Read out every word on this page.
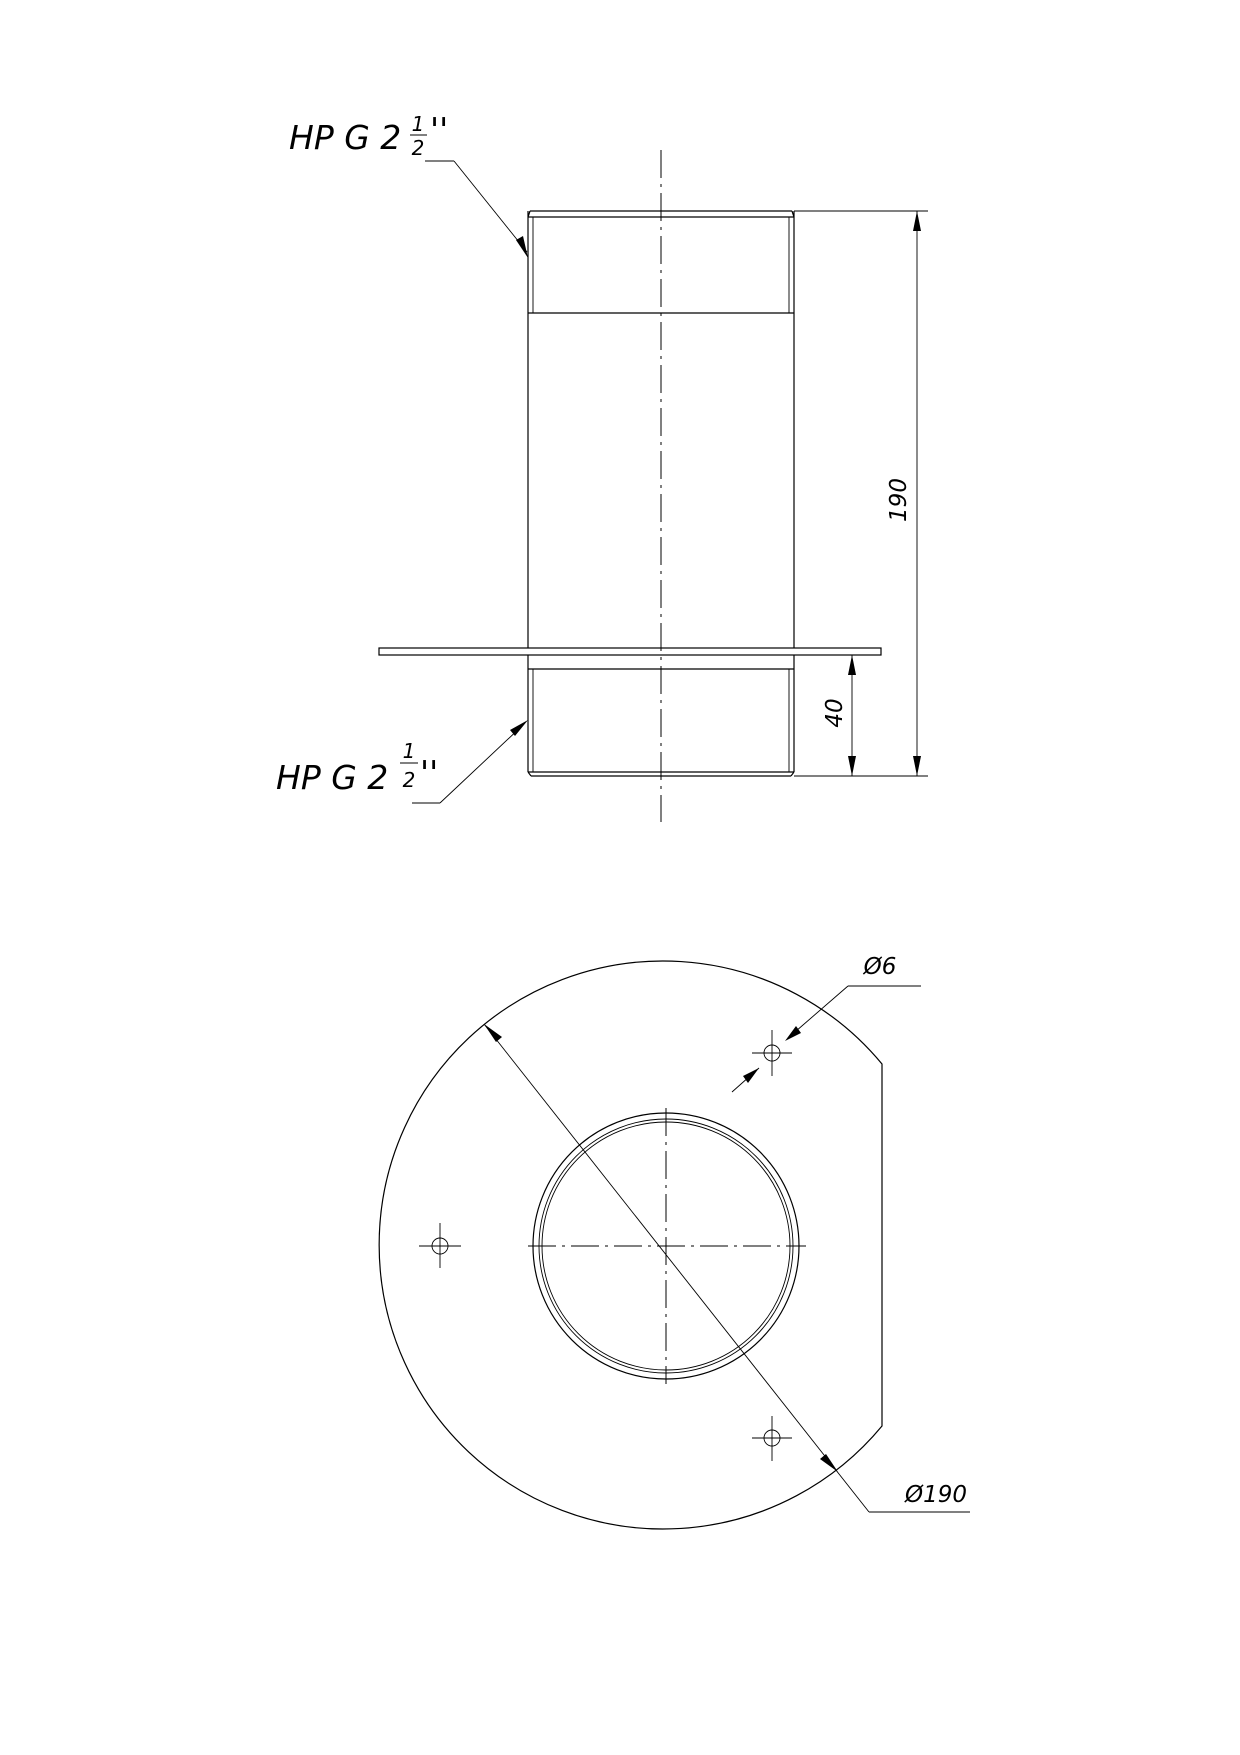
HP G 2 1
2 ''
HP G 2
1
2 ''
190
40
Ø6
Ø190
